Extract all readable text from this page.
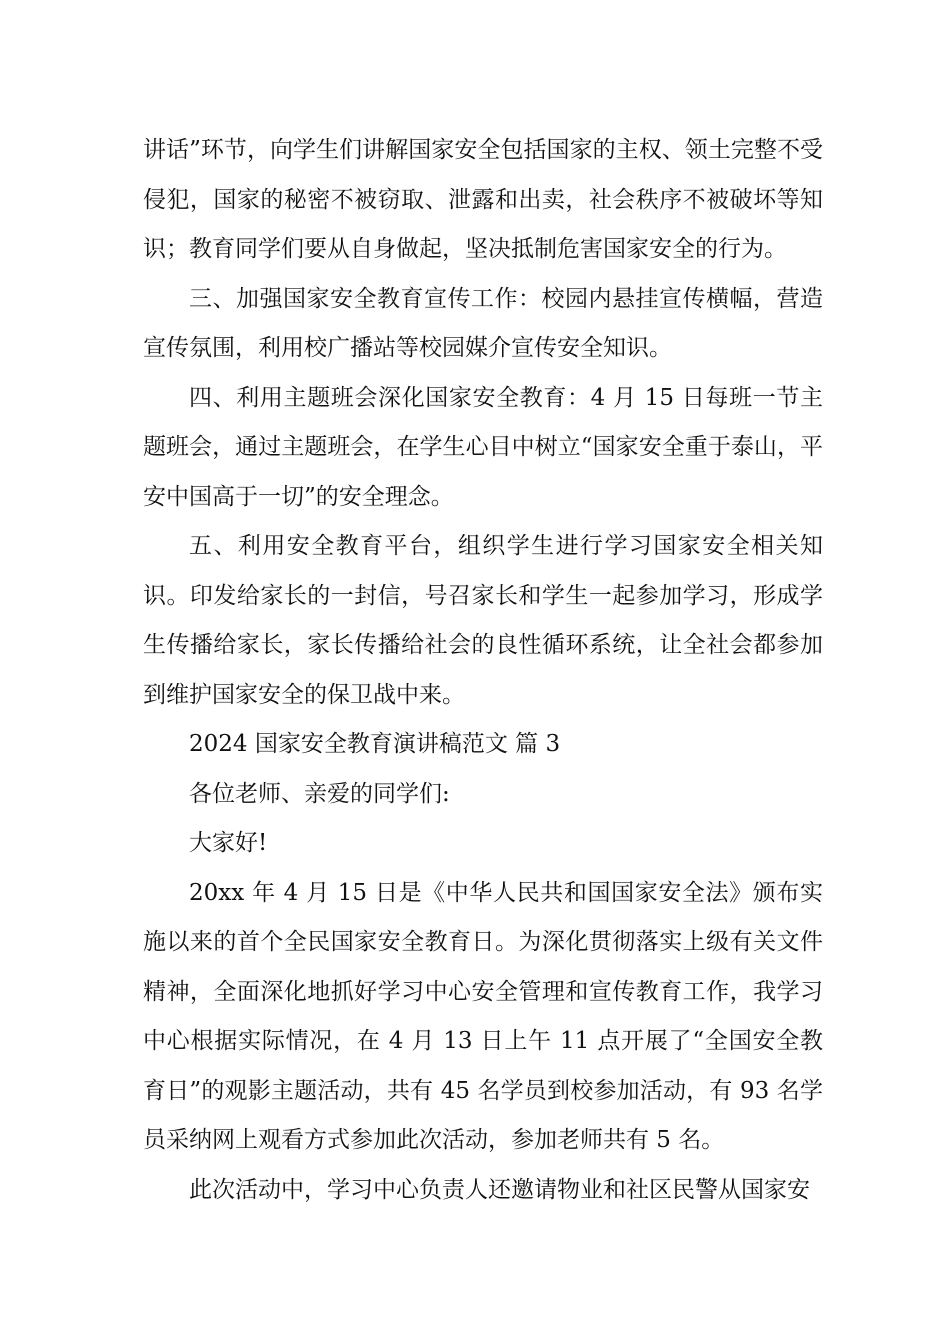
讲话”环节，向学生们讲解国家安全包括国家的主权、领土完整不受侵犯，国家的秘密不被窃取、泄露和出卖，社会秩序不被破坏等知识；教育同学们要从自身做起，坚决抵制危害国家安全的行为。

三、加强国家安全教育宣传工作：校园内悬挂宣传横幅，营造宣传氛围，利用校广播站等校园媒介宣传安全知识。

四、利用主题班会深化国家安全教育：4 月 15 日每班一节主题班会，通过主题班会，在学生心目中树立“国家安全重于泰山，平安中国高于一切”的安全理念。

五、利用安全教育平台，组织学生进行学习国家安全相关知识。印发给家长的一封信，号召家长和学生一起参加学习，形成学生传播给家长，家长传播给社会的良性循环系统，让全社会都参加到维护国家安全的保卫战中来。

2024 国家安全教育演讲稿范文 篇 3

各位老师、亲爱的同学们:

大家好!

20xx 年 4 月 15 日是《中华人民共和国国家安全法》颁布实施以来的首个全民国家安全教育日。为深化贯彻落实上级有关文件精神，全面深化地抓好学习中心安全管理和宣传教育工作，我学习中心根据实际情况，在 4 月 13 日上午 11 点开展了“全国安全教育日”的观影主题活动，共有 45 名学员到校参加活动，有 93 名学员采纳网上观看方式参加此次活动，参加老师共有 5 名。

此次活动中，学习中心负责人还邀请物业和社区民警从国家安
